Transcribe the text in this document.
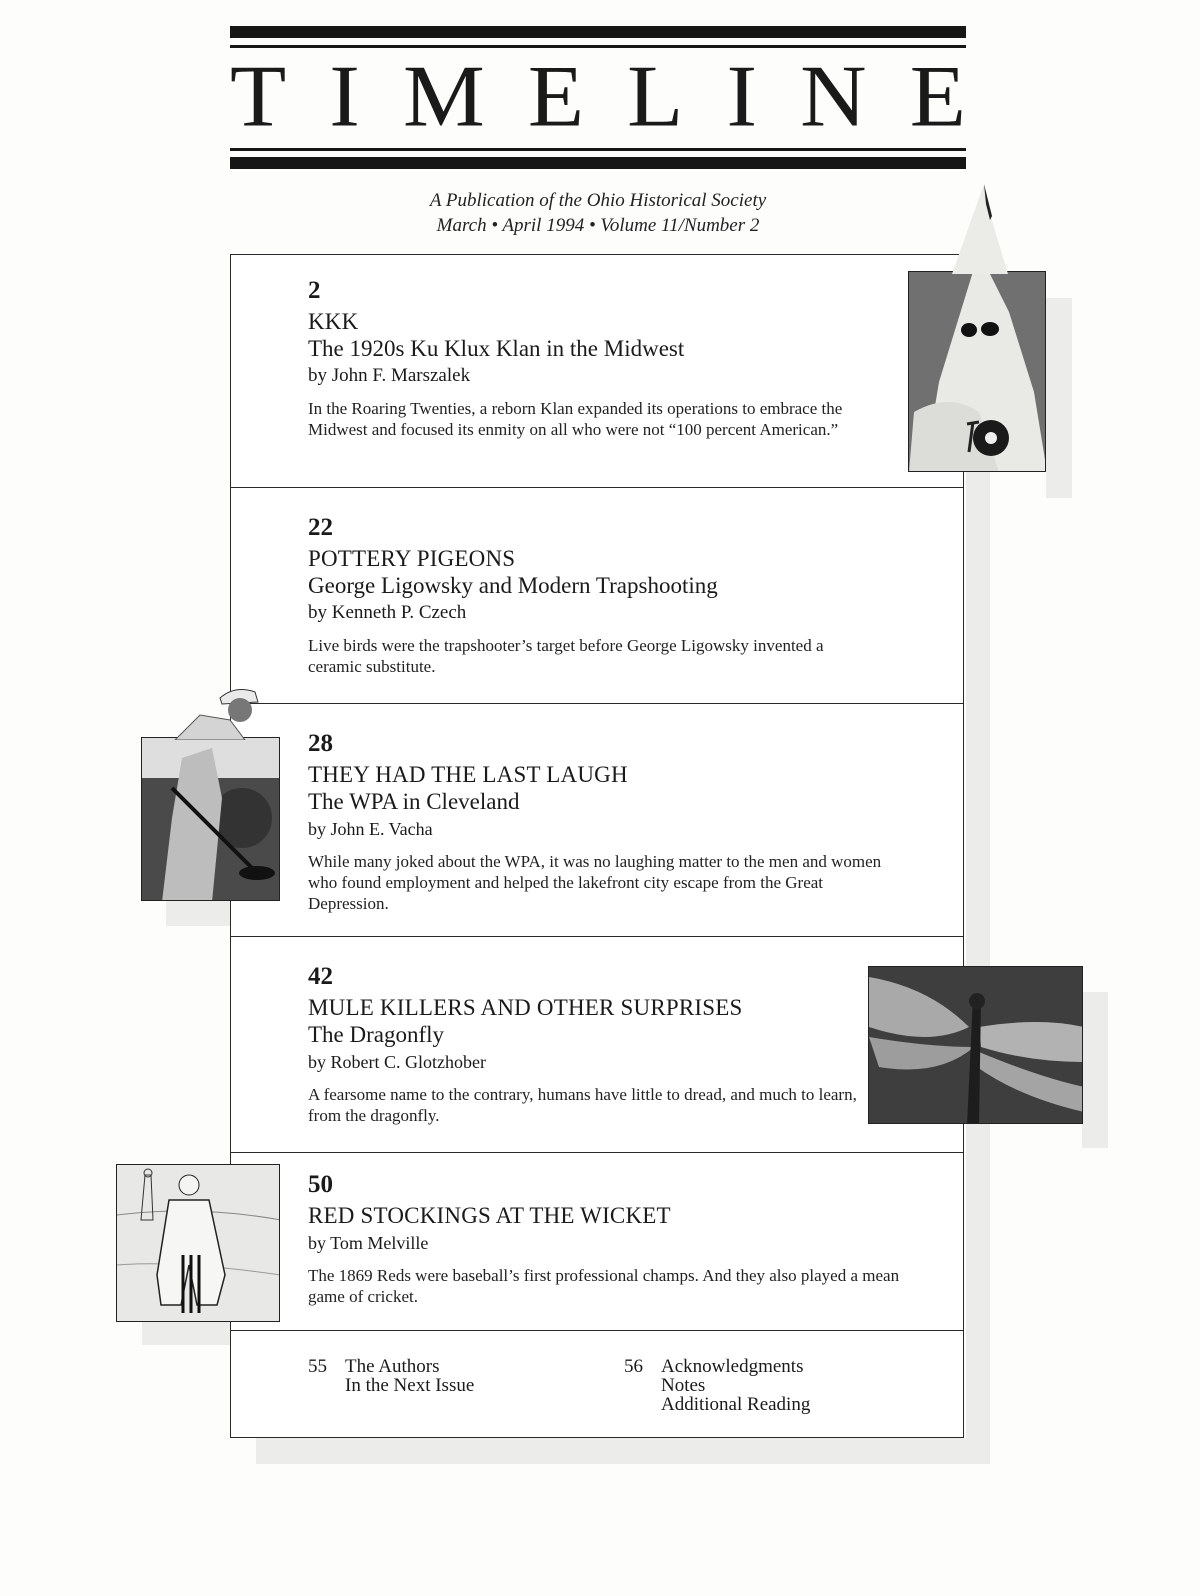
T I M E L I N E
A Publication of the Ohio Historical Society
March • April 1994 • Volume 11/Number 2
2
KKK
The 1920s Ku Klux Klan in the Midwest
by John F. Marszalek
In the Roaring Twenties, a reborn Klan expanded its operations to embrace the Midwest and focused its enmity on all who were not “100 percent American.”
22
POTTERY PIGEONS
George Ligowsky and Modern Trapshooting
by Kenneth P. Czech
Live birds were the trapshooter’s target before George Ligowsky invented a ceramic substitute.
28
THEY HAD THE LAST LAUGH
The WPA in Cleveland
by John E. Vacha
While many joked about the WPA, it was no laughing matter to the men and women who found employment and helped the lakefront city escape from the Great Depression.
42
MULE KILLERS AND OTHER SURPRISES
The Dragonfly
by Robert C. Glotzhober
A fearsome name to the contrary, humans have little to dread, and much to learn, from the dragonfly.
50
RED STOCKINGS AT THE WICKET
by Tom Melville
The 1869 Reds were baseball’s first professional champs. And they also played a mean game of cricket.
55 The Authors
In the Next Issue
56 Acknowledgments
Notes
Additional Reading
